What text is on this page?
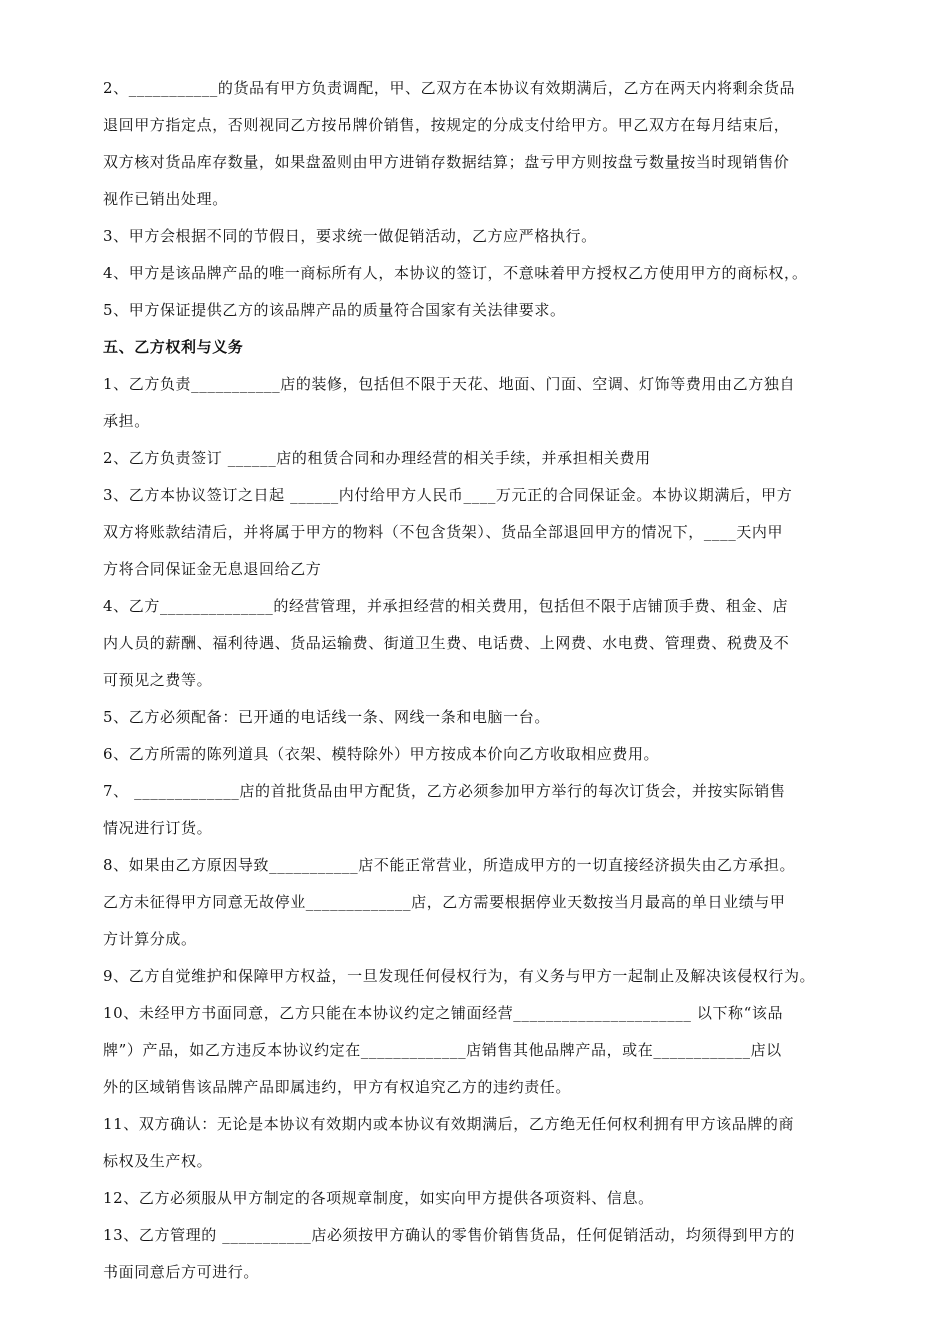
2、___________的货品有甲方负责调配，甲、乙双方在本协议有效期满后，乙方在两天内将剩余货品
退回甲方指定点，否则视同乙方按吊牌价销售，按规定的分成支付给甲方。甲乙双方在每月结束后，
双方核对货品库存数量，如果盘盈则由甲方进销存数据结算；盘亏甲方则按盘亏数量按当时现销售价
视作已销出处理。
3、甲方会根据不同的节假日，要求统一做促销活动，乙方应严格执行。
4、甲方是该品牌产品的唯一商标所有人，本协议的签订，不意味着甲方授权乙方使用甲方的商标权，。
5、甲方保证提供乙方的该品牌产品的质量符合国家有关法律要求。
五、乙方权利与义务
1、乙方负责___________店的装修，包括但不限于天花、地面、门面、空调、灯饰等费用由乙方独自
承担。
2、乙方负责签订 ______店的租赁合同和办理经营的相关手续，并承担相关费用
3、乙方本协议签订之日起 ______内付给甲方人民币____万元正的合同保证金。本协议期满后，甲方
双方将账款结清后，并将属于甲方的物料（不包含货架）、货品全部退回甲方的情况下，____天内甲
方将合同保证金无息退回给乙方
4、乙方______________的经营管理，并承担经营的相关费用，包括但不限于店铺顶手费、租金、店
内人员的薪酬、福利待遇、货品运输费、街道卫生费、电话费、上网费、水电费、管理费、税费及不
可预见之费等。
5、乙方必须配备：已开通的电话线一条、网线一条和电脑一台。
6、乙方所需的陈列道具（衣架、模特除外）甲方按成本价向乙方收取相应费用。
7、 _____________店的首批货品由甲方配货，乙方必须参加甲方举行的每次订货会，并按实际销售
情况进行订货。
8、如果由乙方原因导致___________店不能正常营业，所造成甲方的一切直接经济损失由乙方承担。
乙方未征得甲方同意无故停业_____________店，乙方需要根据停业天数按当月最高的单日业绩与甲
方计算分成。
9、乙方自觉维护和保障甲方权益，一旦发现任何侵权行为，有义务与甲方一起制止及解决该侵权行为。
10、未经甲方书面同意，乙方只能在本协议约定之铺面经营______________________ 以下称“该品
牌”）产品，如乙方违反本协议约定在_____________店销售其他品牌产品，或在____________店以
外的区域销售该品牌产品即属违约，甲方有权追究乙方的违约责任。
11、双方确认：无论是本协议有效期内或本协议有效期满后，乙方绝无任何权利拥有甲方该品牌的商
标权及生产权。
12、乙方必须服从甲方制定的各项规章制度，如实向甲方提供各项资料、信息。
13、乙方管理的 ___________店必须按甲方确认的零售价销售货品，任何促销活动，均须得到甲方的
书面同意后方可进行。
